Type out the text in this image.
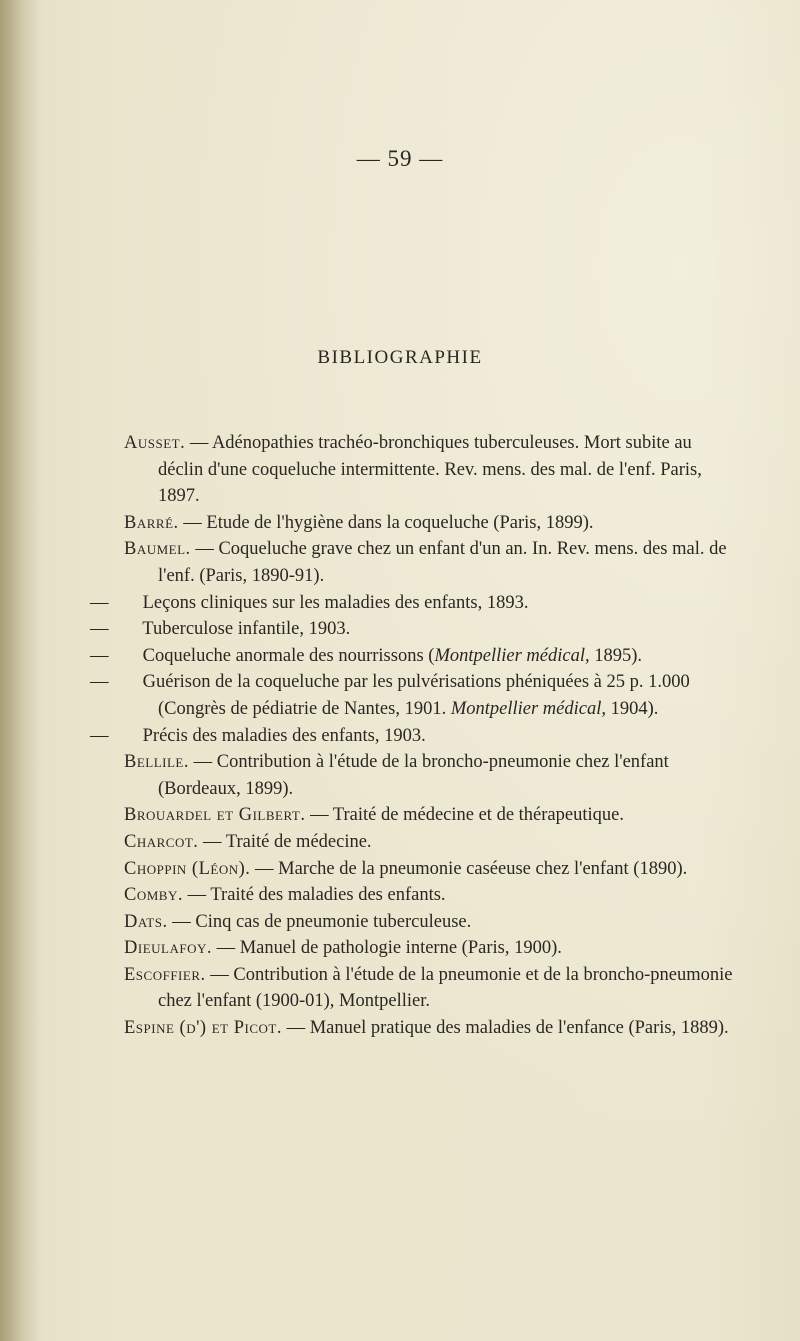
— 59 —
BIBLIOGRAPHIE
Ausset. — Adénopathies trachéo-bronchiques tuberculeuses. Mort subite au déclin d'une coqueluche intermittente. Rev. mens. des mal. de l'enf. Paris, 1897.
Barré. — Etude de l'hygiène dans la coqueluche (Paris, 1899).
Baumel. — Coqueluche grave chez un enfant d'un an. In. Rev. mens. des mal. de l'enf. (Paris, 1890-91).
— Leçons cliniques sur les maladies des enfants, 1893.
— Tuberculose infantile, 1903.
— Coqueluche anormale des nourrissons (Montpellier médical, 1895).
— Guérison de la coqueluche par les pulvérisations phéniquées à 25 p. 1.000 (Congrès de pédiatrie de Nantes, 1901. Montpellier médical, 1904).
— Précis des maladies des enfants, 1903.
Bellile. — Contribution à l'étude de la broncho-pneumonie chez l'enfant (Bordeaux, 1899).
Brouardel et Gilbert. — Traité de médecine et de thérapeutique.
Charcot. — Traité de médecine.
Choppin (Léon). — Marche de la pneumonie caséeuse chez l'enfant (1890).
Comby. — Traité des maladies des enfants.
Dats. — Cinq cas de pneumonie tuberculeuse.
Dieulafoy. — Manuel de pathologie interne (Paris, 1900).
Escoffier. — Contribution à l'étude de la pneumonie et de la broncho-pneumonie chez l'enfant (1900-01), Montpellier.
Espine (d') et Picot. — Manuel pratique des maladies de l'enfance (Paris, 1889).
